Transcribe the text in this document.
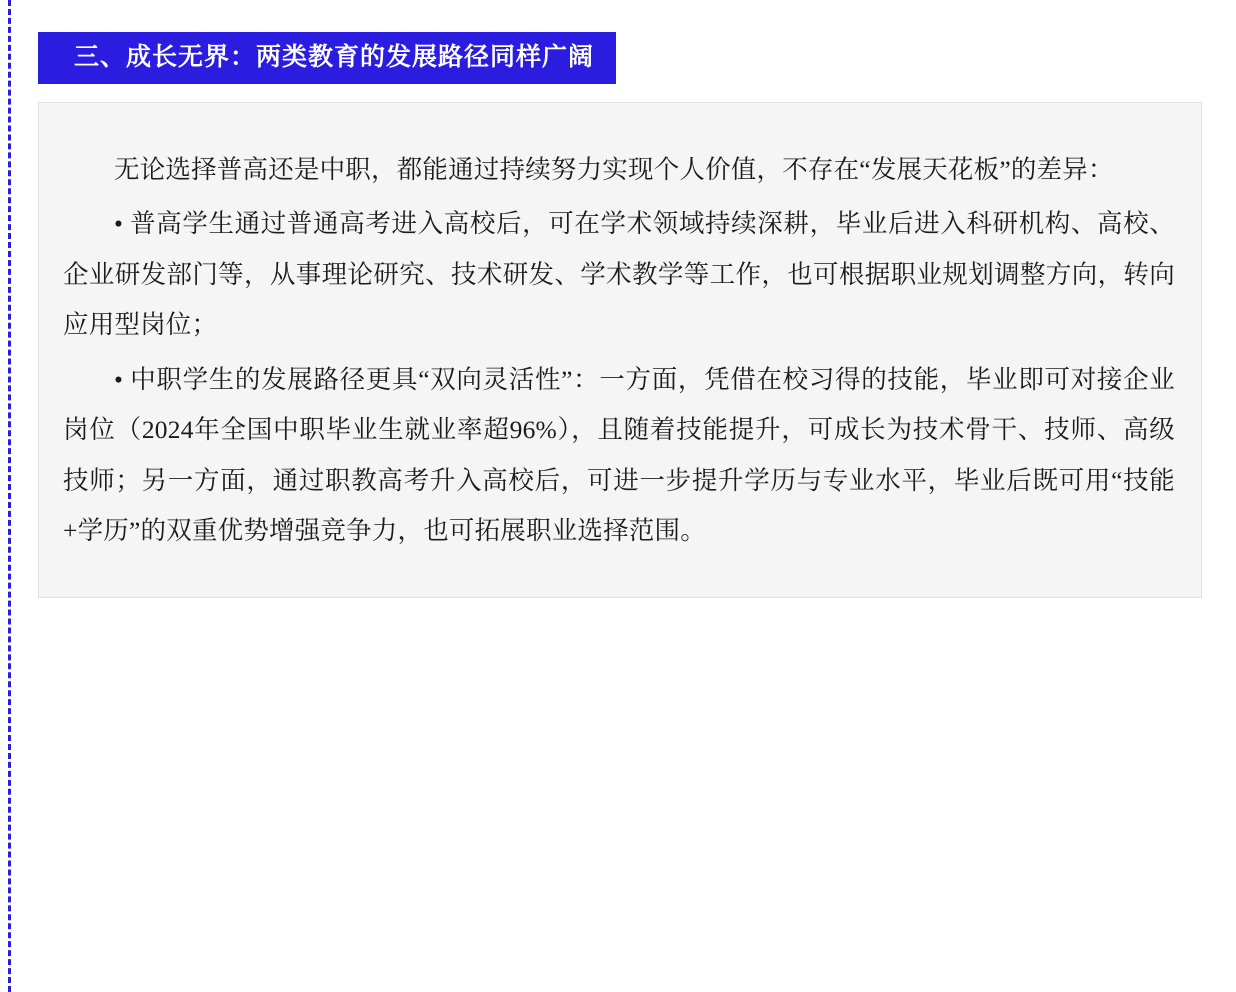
三、成长无界：两类教育的发展路径同样广阔

无论选择普高还是中职，都能通过持续努力实现个人价值，不存在“发展天花板”的差异：

• 普高学生通过普通高考进入高校后，可在学术领域持续深耕，毕业后进入科研机构、高校、企业研发部门等，从事理论研究、技术研发、学术教学等工作，也可根据职业规划调整方向，转向应用型岗位；

• 中职学生的发展路径更具“双向灵活性”：一方面，凭借在校习得的技能，毕业即可对接企业岗位（2024年全国中职毕业生就业率超96%），且随着技能提升，可成长为技术骨干、技师、高级技师；另一方面，通过职教高考升入高校后，可进一步提升学历与专业水平，毕业后既可用“技能+学历”的双重优势增强竞争力，也可拓展职业选择范围。
